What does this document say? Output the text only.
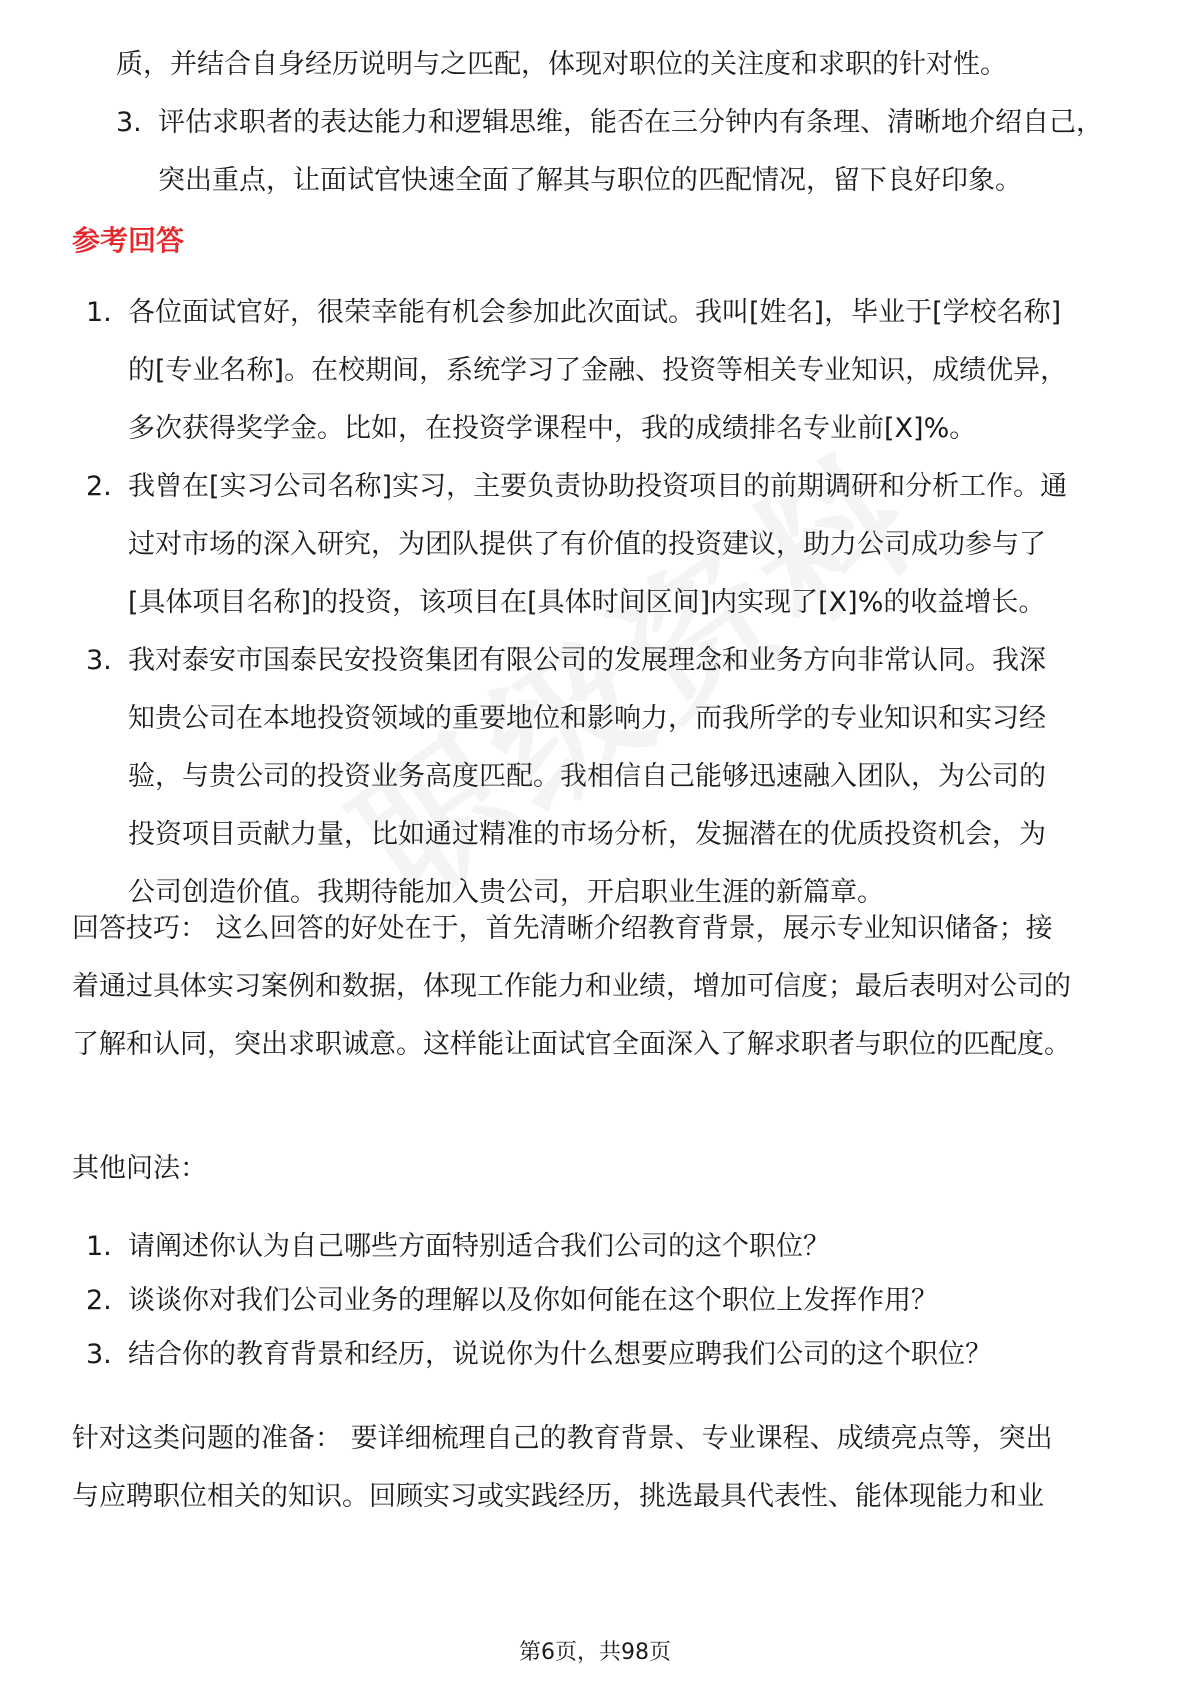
质，并结合自身经历说明与之匹配，体现对职位的关注度和求职的针对性。
3. 评估求职者的表达能力和逻辑思维，能否在三分钟内有条理、清晰地介绍自己，突出重点，让面试官快速全面了解其与职位的匹配情况，留下良好印象。
参考回答
1. 各位面试官好，很荣幸能有机会参加此次面试。我叫[姓名]，毕业于[学校名称]的[专业名称]。在校期间，系统学习了金融、投资等相关专业知识，成绩优异，多次获得奖学金。比如，在投资学课程中，我的成绩排名专业前[X]%。
2. 我曾在[实习公司名称]实习，主要负责协助投资项目的前期调研和分析工作。通过对市场的深入研究，为团队提供了有价值的投资建议，助力公司成功参与了[具体项目名称]的投资，该项目在[具体时间区间]内实现了[X]%的收益增长。
3. 我对泰安市国泰民安投资集团有限公司的发展理念和业务方向非常认同。我深知贵公司在本地投资领域的重要地位和影响力，而我所学的专业知识和实习经验，与贵公司的投资业务高度匹配。我相信自己能够迅速融入团队，为公司的投资项目贡献力量，比如通过精准的市场分析，发掘潜在的优质投资机会，为公司创造价值。我期待能加入贵公司，开启职业生涯的新篇章。
回答技巧： 这么回答的好处在于，首先清晰介绍教育背景，展示专业知识储备；接着通过具体实习案例和数据，体现工作能力和业绩，增加可信度；最后表明对公司的了解和认同，突出求职诚意。这样能让面试官全面深入了解求职者与职位的匹配度。
其他问法：
1. 请阐述你认为自己哪些方面特别适合我们公司的这个职位？
2. 谈谈你对我们公司业务的理解以及你如何能在这个职位上发挥作用？
3. 结合你的教育背景和经历，说说你为什么想要应聘我们公司的这个职位？
针对这类问题的准备： 要详细梳理自己的教育背景、专业课程、成绩亮点等，突出与应聘职位相关的知识。回顾实习或实践经历，挑选最具代表性、能体现能力和业
第6页，共98页
